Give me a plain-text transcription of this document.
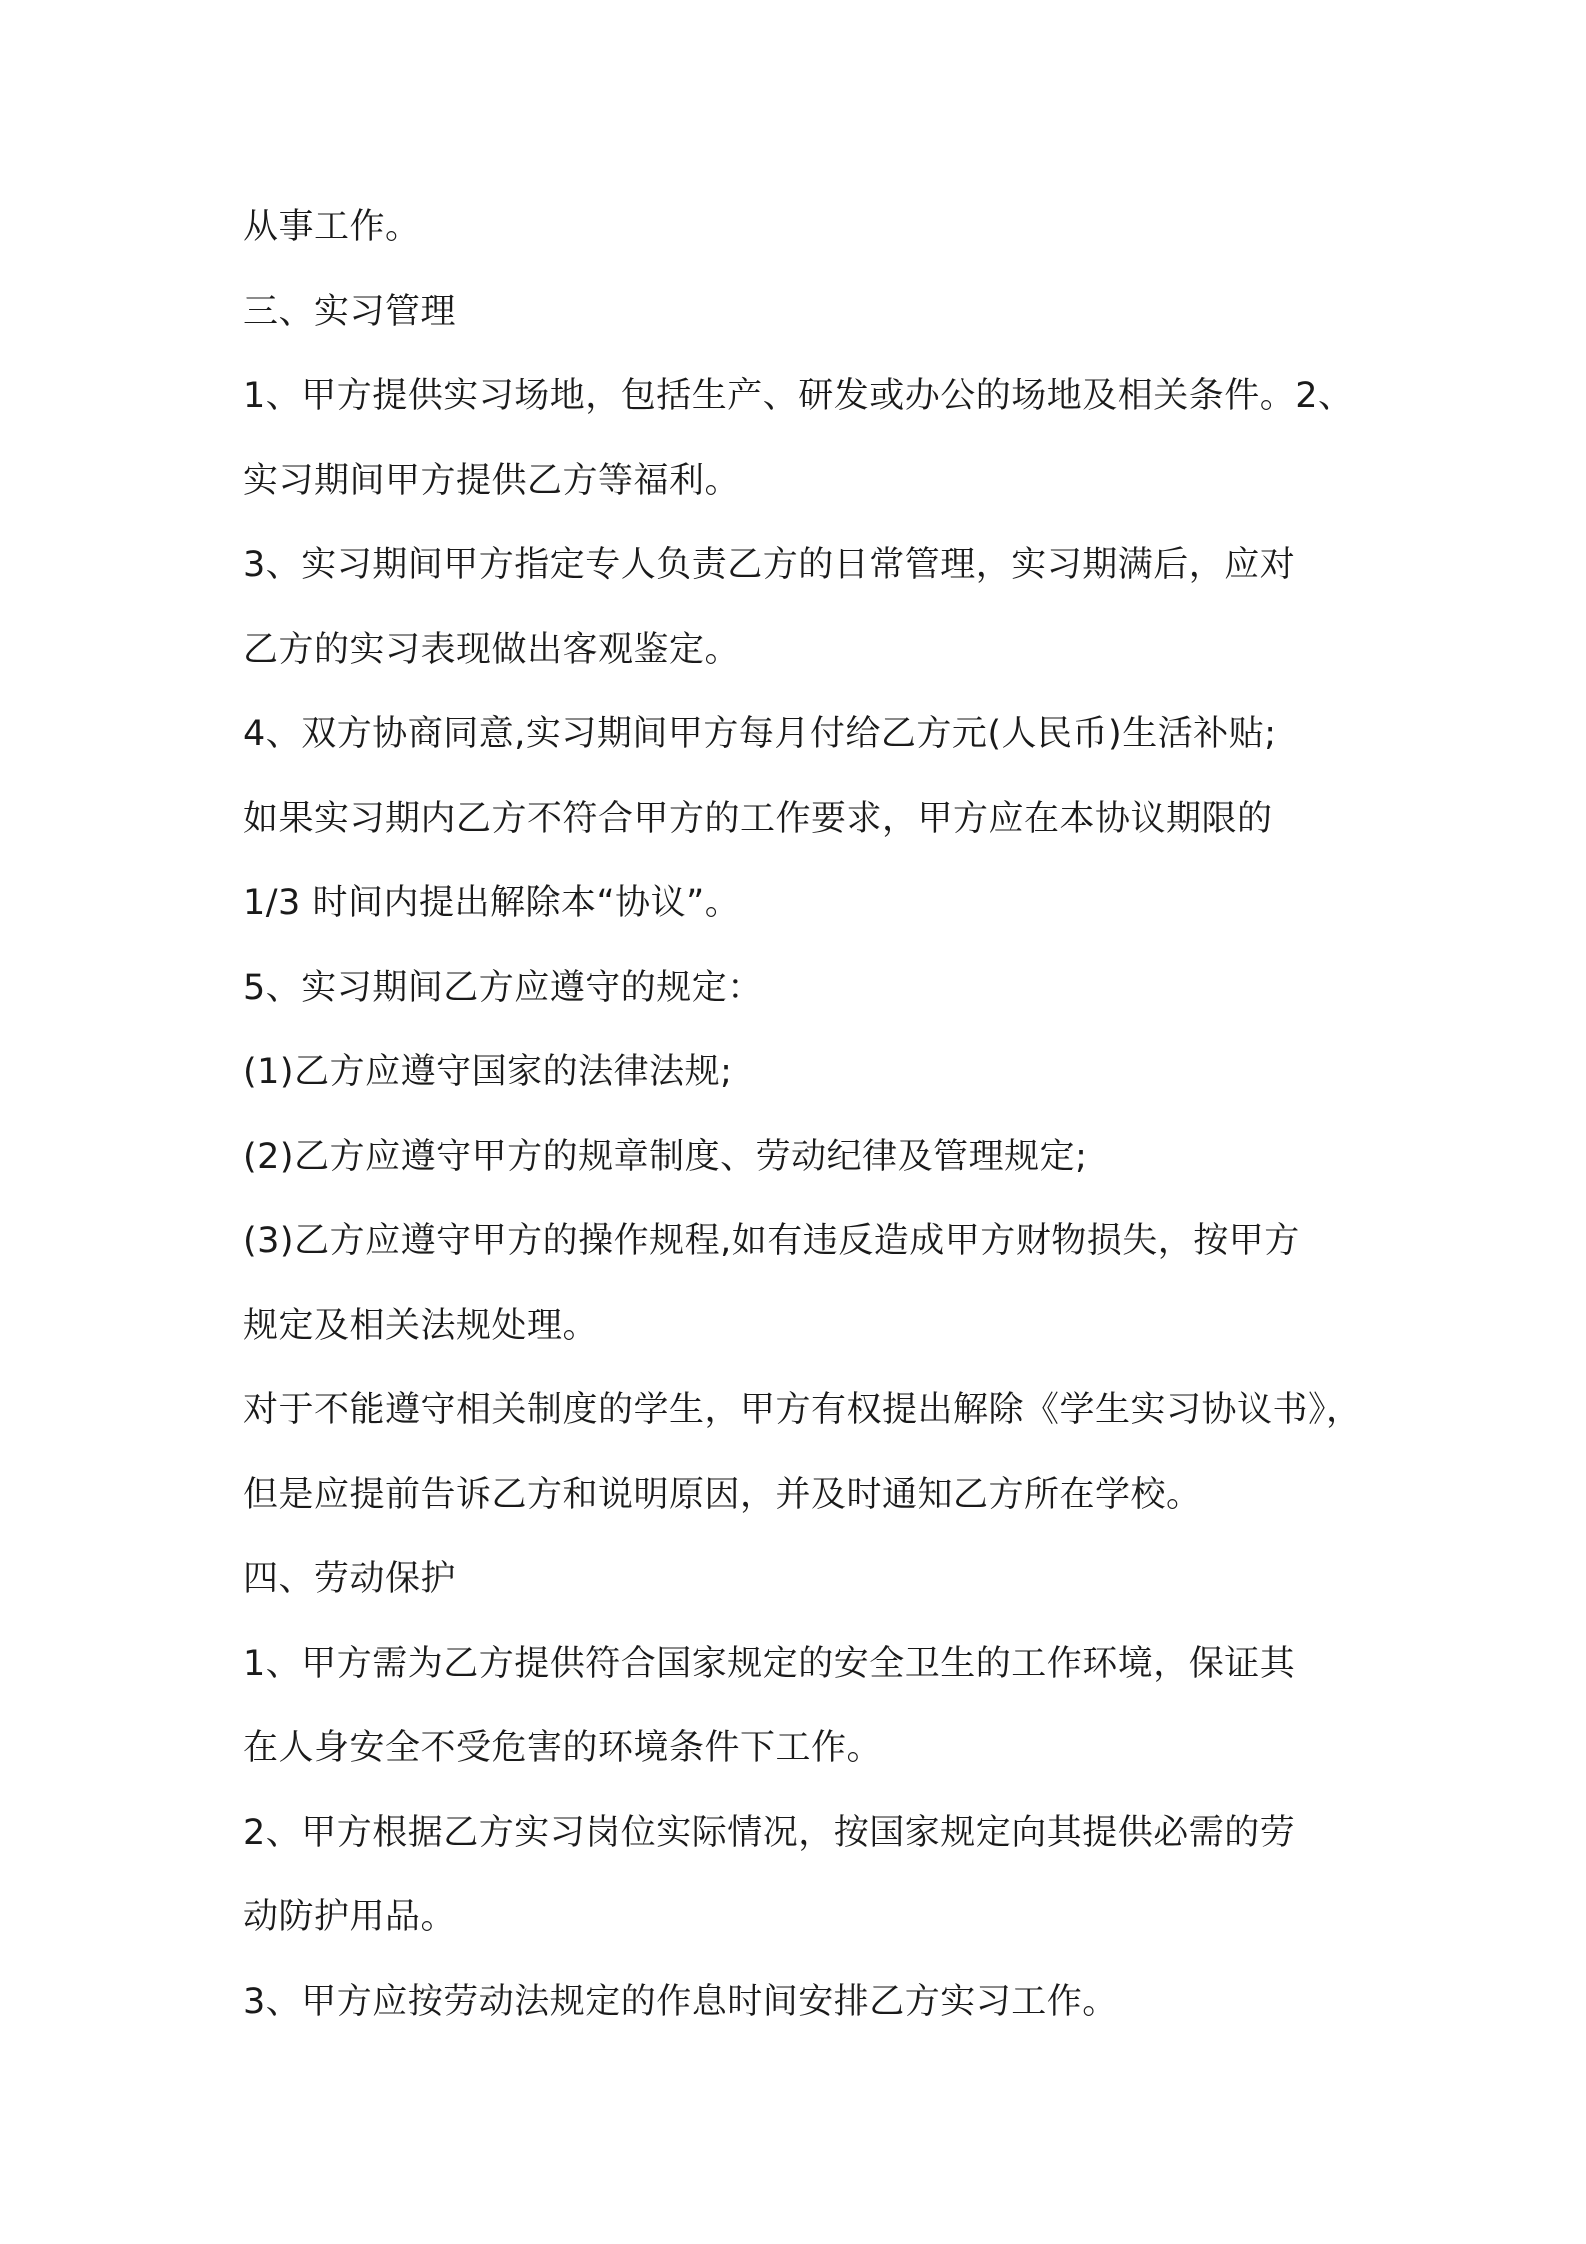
从事工作。
三、实习管理
1、甲方提供实习场地，包括生产、研发或办公的场地及相关条件。2、
实习期间甲方提供乙方等福利。
3、实习期间甲方指定专人负责乙方的日常管理，实习期满后，应对
乙方的实习表现做出客观鉴定。
4、双方协商同意,实习期间甲方每月付给乙方元(人民币)生活补贴;
如果实习期内乙方不符合甲方的工作要求，甲方应在本协议期限的
1/3 时间内提出解除本“协议”。
5、实习期间乙方应遵守的规定：
(1)乙方应遵守国家的法律法规;
(2)乙方应遵守甲方的规章制度、劳动纪律及管理规定;
(3)乙方应遵守甲方的操作规程,如有违反造成甲方财物损失，按甲方
规定及相关法规处理。
对于不能遵守相关制度的学生，甲方有权提出解除《学生实习协议书》，
但是应提前告诉乙方和说明原因，并及时通知乙方所在学校。
四、劳动保护
1、甲方需为乙方提供符合国家规定的安全卫生的工作环境，保证其
在人身安全不受危害的环境条件下工作。
2、甲方根据乙方实习岗位实际情况，按国家规定向其提供必需的劳
动防护用品。
3、甲方应按劳动法规定的作息时间安排乙方实习工作。
